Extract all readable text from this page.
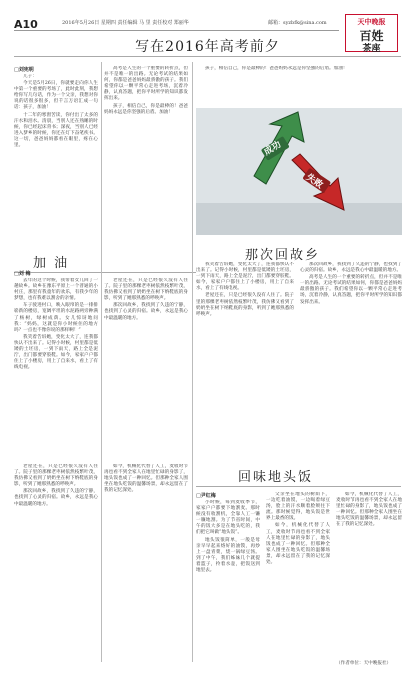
A10	2016年5月26日 星期四 责任编辑 马 里 责任校对 郑丽华	邮箱：syzbfk@sina.com	天中晚报
百姓
茶座
写在2016年高考前夕
□刘宪明

儿子：

今天是5月26日，你就要走向你人生中第一个重要的考场了，此时此刻，我想给你写几句话，作为一个父亲，我想对你说的话很多很多，但千言万语汇成一句话：孩子，加油！

十二年的寒窗苦读，你付出了太多的汗水和泪水。清晨，当别人还在熟睡的时候，你已经起床背书；深夜，当别人已经进入梦乡的时候，你还在灯下奋笔疾书。这一切，爸爸妈妈都看在眼里，疼在心里。

高考是人生的一个重要的转折点，但并不是唯一的出路。无论考试的结果如何，你都是爸爸妈妈最骄傲的孩子。我们希望你以一颗平常心走进考场，沉着冷静，认真答题，把你平时所学的知识都发挥出来。

孩子，相信自己，你是最棒的！爸爸妈妈永远是你坚强的后盾。加油！

孩子，相信自己，你是最棒的！爸爸妈妈永远是你坚强的后盾。加油！

成功
失败
加 油
那次回故乡

去年的这个时候，我带着女儿回了一趟故乡。故乡在豫东平原上一个普通的小村庄，那里有我童年的欢乐，有我少年的梦想，也有我难以割舍的亲情。

车子驶进村口，映入眼帘的是一排排崭新的楼房，宽阔平坦的水泥路两旁种满了杨树，绿树成荫。女儿惊讶地问我：“妈妈，这就是你小时候住的地方吗？一点也不像你说的那样啊！”

我笑着告诉她，变化太大了，连我都快认不出来了。记得小时候，村里都是低矮的土坯房，一到下雨天，路上全是泥泞，出门都要穿胶鞋。如今，家家户户都住上了小楼房，用上了自来水，看上了有线电视。

□刘 梅

老屋还在，只是已经很久没有人住了。院子里的那棵老枣树依然枝繁叶茂，我仿佛又看到了奶奶坐在树下纳鞋底的身影，听到了她那熟悉的呼唤声。

那次回故乡，我找到了久违的宁静，也找到了心灵的归宿。故乡，永远是我心中最温暖的地方。

我笑着告诉她，变化太大了，连我都快认不出来了。记得小时候，村里都是低矮的土坯房，一到下雨天，路上全是泥泞，出门都要穿胶鞋。如今，家家户户都住上了小楼房，用上了自来水，看上了有线电视。

老屋还在，只是已经很久没有人住了。院子里的那棵老枣树依然枝繁叶茂，我仿佛又看到了奶奶坐在树下纳鞋底的身影，听到了她那熟悉的呼唤声。

那次回故乡，我找到了久违的宁静，也找到了心灵的归宿。故乡，永远是我心中最温暖的地方。

高考是人生的一个重要的转折点，但并不是唯一的出路。无论考试的结果如何，你都是爸爸妈妈最骄傲的孩子。我们希望你以一颗平常心走进考场，沉着冷静，认真答题，把你平时所学的知识都发挥出来。

回味地头饭

老屋还在，只是已经很久没有人住了。院子里的那棵老枣树依然枝繁叶茂，我仿佛又看到了奶奶坐在树下纳鞋底的身影，听到了她那熟悉的呼唤声。

那次回故乡，我找到了久违的宁静，也找到了心灵的归宿。故乡，永远是我心中最温暖的地方。

如今，机械化代替了人工，麦收时节再也看不到全家人在地里忙碌的身影了，地头饭也成了一种回忆。但那种全家人围坐在地头吃饭的温馨场景，却永远留在了我的记忆深处。

□尹红梅

小时候，每到麦收季节，家家户户都要下地割麦。那时候没有收割机，全靠人工一镰一镰地割。为了节省时间，中午的饭大多是在地头吃的，我们把它叫做“地头饭”。

地头饭很简单，一般是母亲早早起来烙好的油馍，再炒上一盘青菜，烧一锅绿豆汤。到了中午，我们姊妹几个就提着篮子，拎着水壶，把饭送到地里去。

父亲坐在地头的树荫下，一边吃着油馍，一边喝着绿豆汤，脸上的汗水顺着脸颊往下流。那时候觉得，地头饭是世界上最香的饭。

如今，机械化代替了人工，麦收时节再也看不到全家人在地里忙碌的身影了，地头饭也成了一种回忆。但那种全家人围坐在地头吃饭的温馨场景，却永远留在了我的记忆深处。

如今，机械化代替了人工，麦收时节再也看不到全家人在地里忙碌的身影了，地头饭也成了一种回忆。但那种全家人围坐在地头吃饭的温馨场景，却永远留在了我的记忆深处。

（作者单位：天中晚报社）
